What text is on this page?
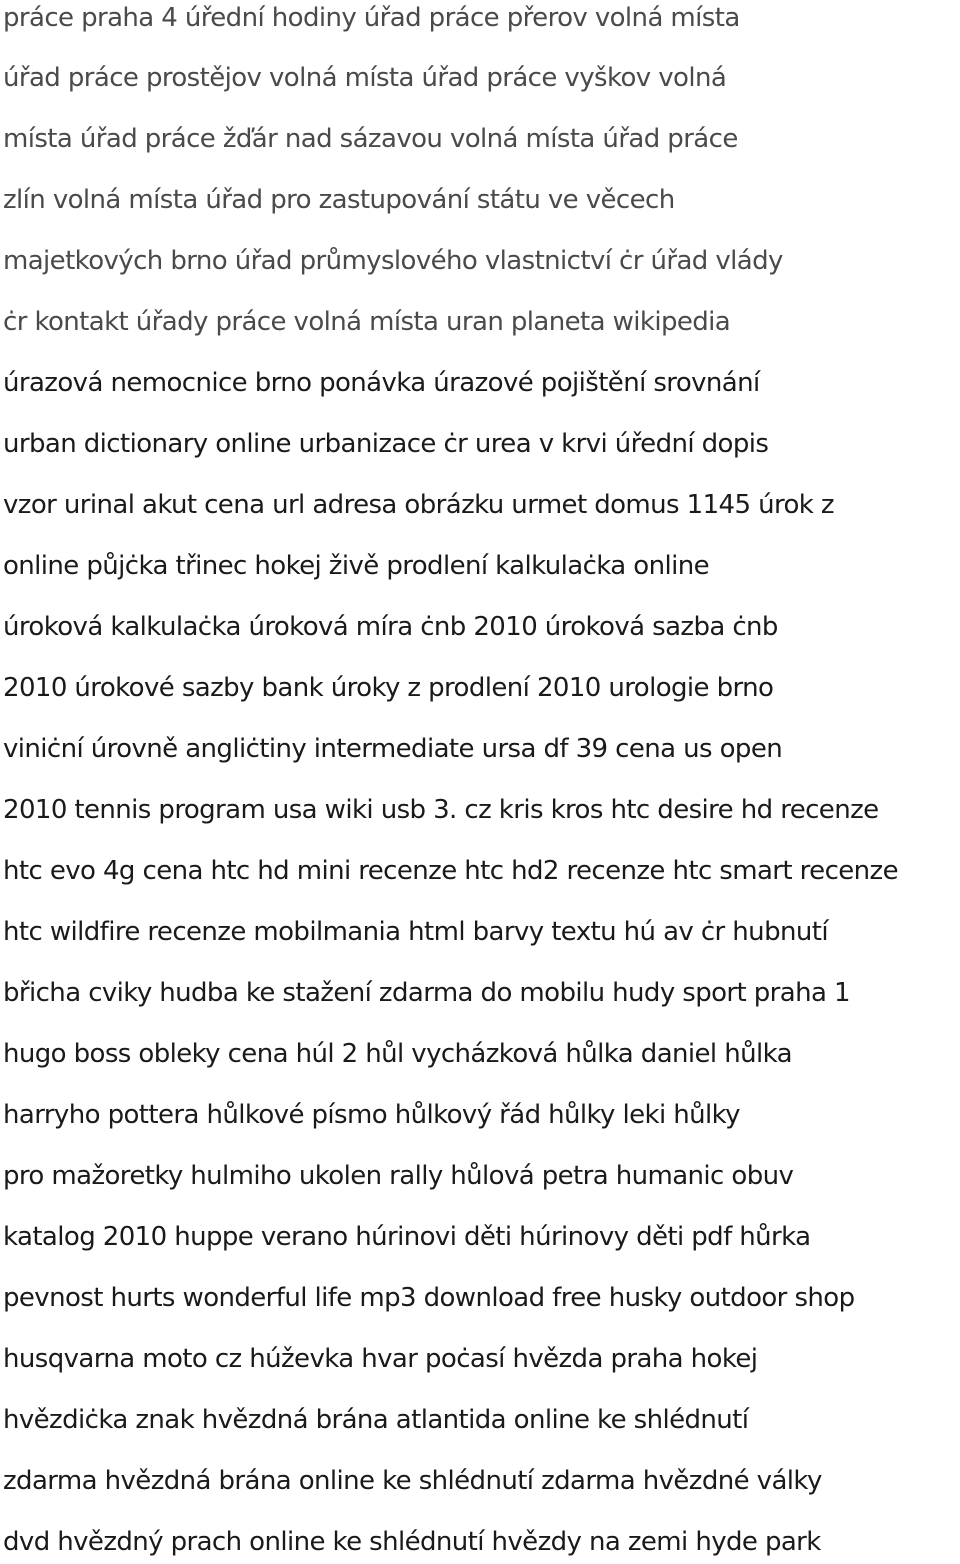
práce praha 4 úřední hodiny úřad práce přerov volná místa
úřad práce prostějov volná místa úřad práce vyškov volná
místa úřad práce žďár nad sázavou volná místa úřad práce
zlín volná místa úřad pro zastupování státu ve věcech
majetkových brno úřad průmyslového vlastnictví ċr úřad vlády
ċr kontakt úřady práce volná místa uran planeta wikipedia
úrazová nemocnice brno ponávka úrazové pojištění srovnání
urban dictionary online urbanizace ċr urea v krvi úřední dopis
vzor urinal akut cena url adresa obrázku urmet domus 1145 úrok z
online půjċka třinec hokej živě prodlení kalkulaċka online
úroková kalkulaċka úroková míra ċnb 2010 úroková sazba ċnb
2010 úrokové sazby bank úroky z prodlení 2010 urologie brno
viniċní úrovně angliċtiny intermediate ursa df 39 cena us open
2010 tennis program usa wiki usb 3. cz kris kros htc desire hd recenze
htc evo 4g cena htc hd mini recenze htc hd2 recenze htc smart recenze
htc wildfire recenze mobilmania html barvy textu hú av ċr hubnutí
břicha cviky hudba ke stažení zdarma do mobilu hudy sport praha 1
hugo boss obleky cena húl 2 hůl vycházková hůlka daniel hůlka
harryho pottera hůlkové písmo hůlkový řád hůlky leki hůlky
pro mažoretky hulmiho ukolen rally hůlová petra humanic obuv
katalog 2010 huppe verano húrinovi děti húrinovy děti pdf hůrka
pevnost hurts wonderful life mp3 download free husky outdoor shop
husqvarna moto cz húževka hvar poċasí hvězda praha hokej
hvězdiċka znak hvězdná brána atlantida online ke shlédnutí
zdarma hvězdná brána online ke shlédnutí zdarma hvězdné války
dvd hvězdný prach online ke shlédnutí hvězdy na zemi hyde park
